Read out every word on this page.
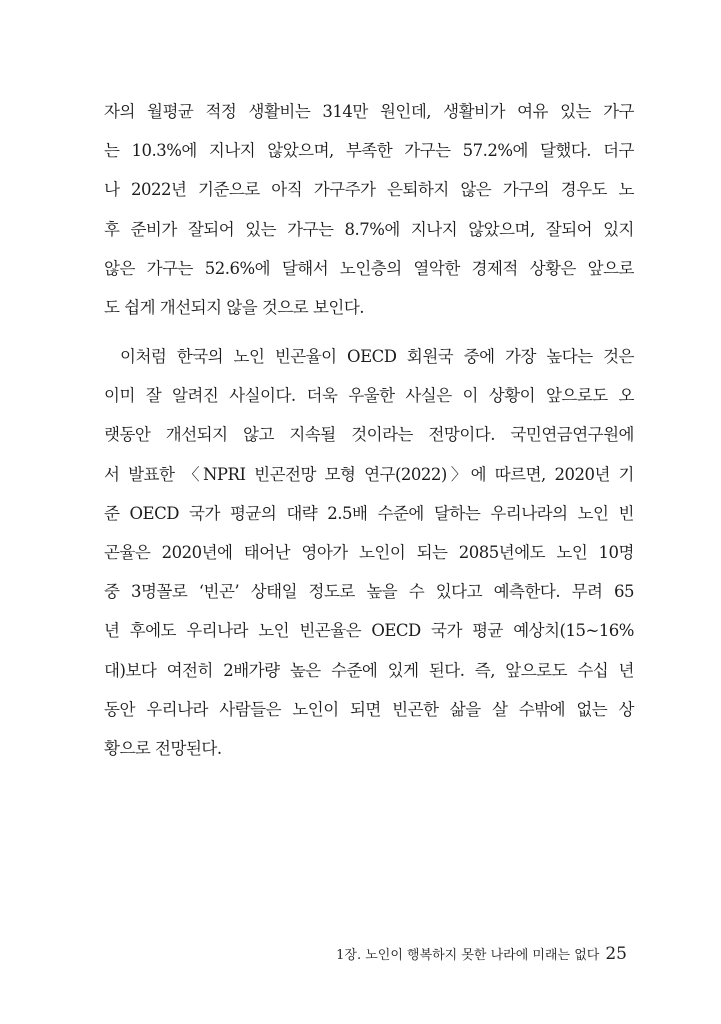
자의 월평균 적정 생활비는 314만 원인데, 생활비가 여유 있는 가구
는 10.3%에 지나지 않았으며, 부족한 가구는 57.2%에 달했다. 더구
나 2022년 기준으로 아직 가구주가 은퇴하지 않은 가구의 경우도 노
후 준비가 잘되어 있는 가구는 8.7%에 지나지 않았으며, 잘되어 있지
않은 가구는 52.6%에 달해서 노인층의 열악한 경제적 상황은 앞으로
도 쉽게 개선되지 않을 것으로 보인다.
이처럼 한국의 노인 빈곤율이 OECD 회원국 중에 가장 높다는 것은
이미 잘 알려진 사실이다. 더욱 우울한 사실은 이 상황이 앞으로도 오
랫동안 개선되지 않고 지속될 것이라는 전망이다. 국민연금연구원에
서 발표한 〈NPRI 빈곤전망 모형 연구(2022)〉에 따르면, 2020년 기
준 OECD 국가 평균의 대략 2.5배 수준에 달하는 우리나라의 노인 빈
곤율은 2020년에 태어난 영아가 노인이 되는 2085년에도 노인 10명
중 3명꼴로 ‘빈곤’ 상태일 정도로 높을 수 있다고 예측한다. 무려 65
년 후에도 우리나라 노인 빈곤율은 OECD 국가 평균 예상치(15~16%
대)보다 여전히 2배가량 높은 수준에 있게 된다. 즉, 앞으로도 수십 년
동안 우리나라 사람들은 노인이 되면 빈곤한 삶을 살 수밖에 없는 상
황으로 전망된다.
1장. 노인이 행복하지 못한 나라에 미래는 없다 25
